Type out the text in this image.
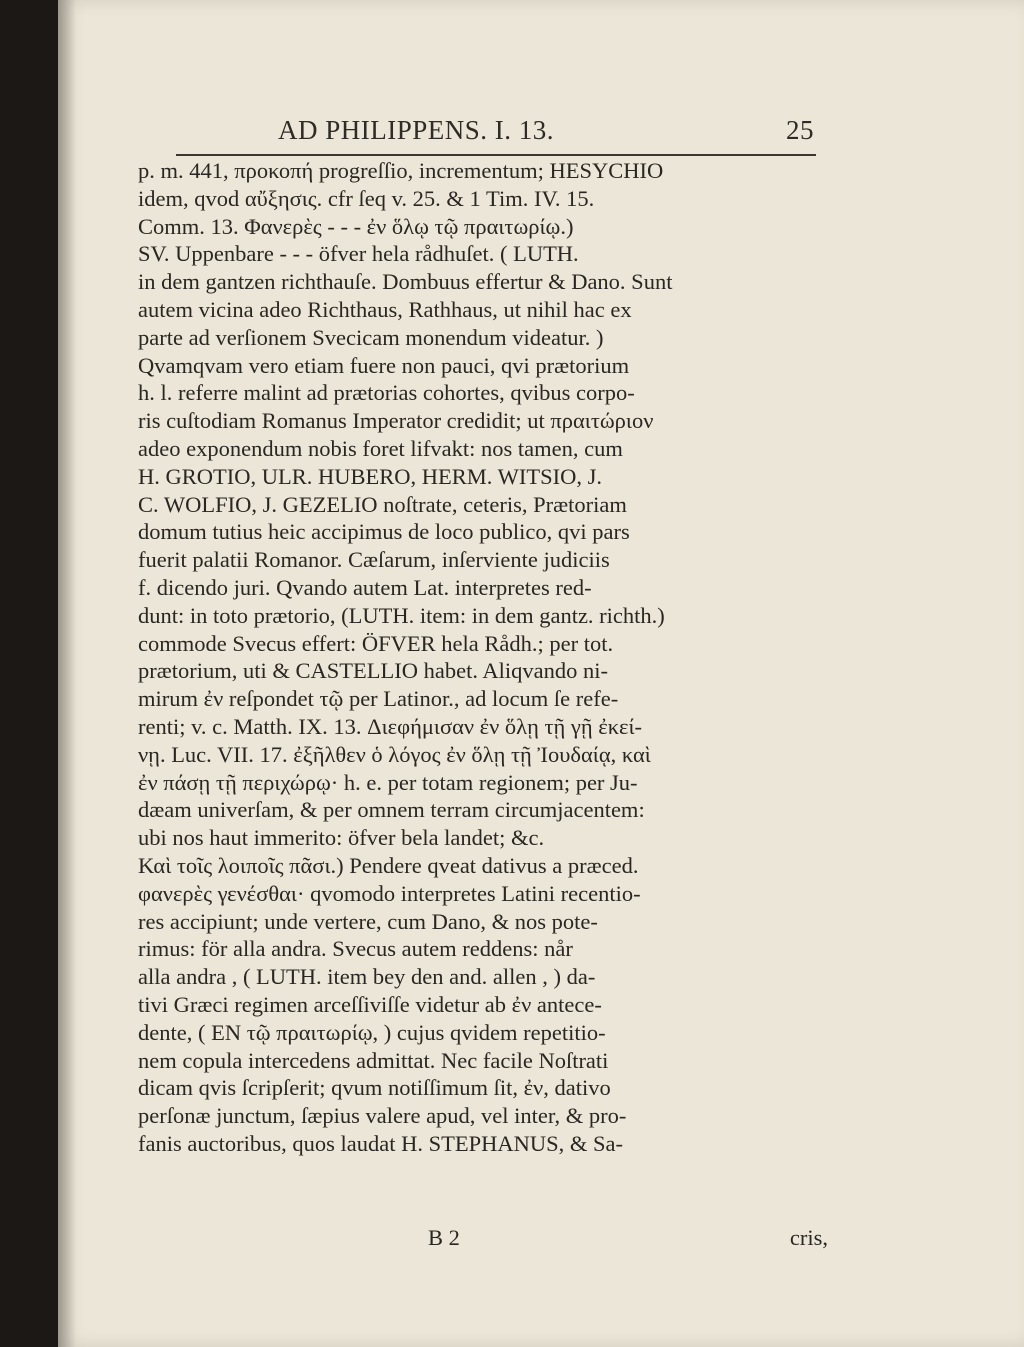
AD PHILIPPENS. I. 13.	25
p. m. 441, προκοπή progreſſio, incrementum; HESYCHIO
idem, qvod αὔξησις. cfr ſeq v. 25. & 1 Tim. IV. 15.
Comm. 13. Φανερὲς - - - ἐν ὅλῳ τῷ πραιτωρίῳ.)
SV. Uppenbare - - - öfver hela rådhuſet. ( LUTH.
in dem gantzen richthauſe. Dombuus effertur & Dano. Sunt
autem vicina adeo Richthaus, Rathhaus, ut nihil hac ex
parte ad verſionem Svecicam monendum videatur. )
Qvamqvam vero etiam fuere non pauci, qvi prætorium
h. l. referre malint ad prætorias cohortes, qvibus corpo-
ris cuſtodiam Romanus Imperator credidit; ut πραιτώριον
adeo exponendum nobis foret lifvakt: nos tamen, cum
H. GROTIO, ULR. HUBERO, HERM. WITSIO, J.
C. WOLFIO, J. GEZELIO noſtrate, ceteris, Prætoriam
domum tutius heic accipimus de loco publico, qvi pars
fuerit palatii Romanor. Cæſarum, inſerviente judiciis
f. dicendo juri. Qvando autem Lat. interpretes red-
dunt: in toto prætorio, (LUTH. item: in dem gantz. richth.)
commode Svecus effert: ÖFVER hela Rådh.; per tot.
prætorium, uti & CASTELLIO habet. Aliqvando ni-
mirum ἐν reſpondet τῷ per Latinor., ad locum ſe refe-
renti; v. c. Matth. IX. 13. Διεφήμισαν ἐν ὅλῃ τῇ γῇ ἐκεί-
νῃ. Luc. VII. 17. ἐξῆλθεν ὁ λόγος ἐν ὅλῃ τῇ Ἰουδαίᾳ, καὶ
ἐν πάσῃ τῇ περιχώρῳ· h. e. per totam regionem; per Ju-
dæam univerſam, & per omnem terram circumjacentem:
ubi nos haut immerito: öfver bela landet; &c.
Καὶ τοῖς λοιποῖς πᾶσι.) Pendere qveat dativus a præced.
φανερὲς γενέσθαι· qvomodo interpretes Latini recentio-
res accipiunt; unde vertere, cum Dano, & nos pote-
rimus: för alla andra. Svecus autem reddens: når
alla andra , ( LUTH. item bey den and. allen , ) da-
tivi Græci regimen arceſſiviſſe videtur ab ἐν antece-
dente, ( EN τῷ πραιτωρίῳ, ) cujus qvidem repetitio-
nem copula intercedens admittat. Nec facile Noſtrati
dicam qvis ſcripſerit; qvum notiſſimum ſit, ἐν, dativo
perſonæ junctum, ſæpius valere apud, vel inter, & pro-
fanis auctoribus, quos laudat H. STEPHANUS, & Sa-
B 2	cris,
